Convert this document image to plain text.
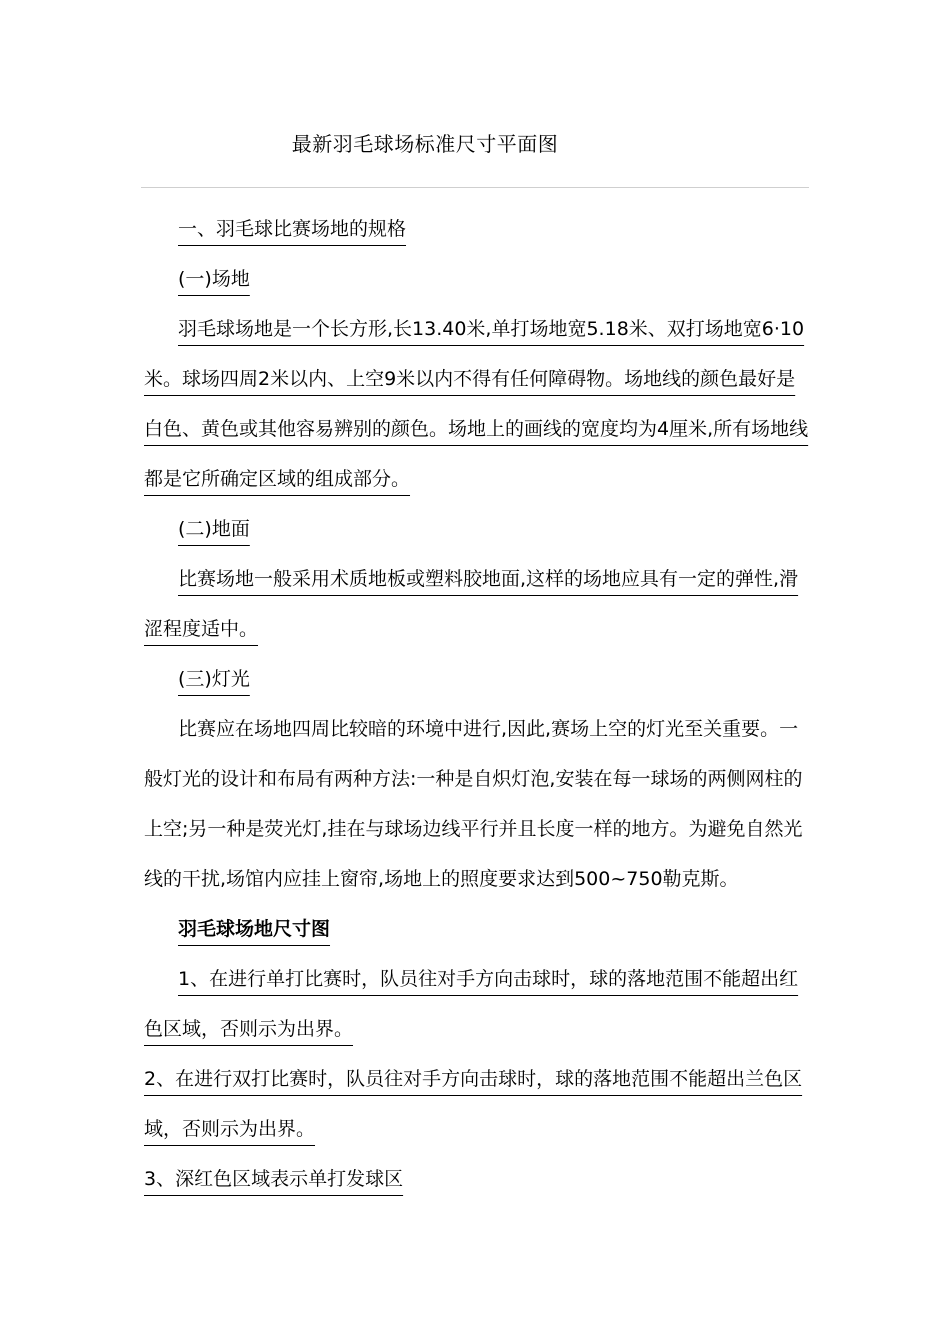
最新羽毛球场标准尺寸平面图
一、羽毛球比赛场地的规格
(一)场地
羽毛球场地是一个长方形,长13.40米,单打场地宽5.18米、双打场地宽6·10
米。球场四周2米以内、上空9米以内不得有任何障碍物。场地线的颜色最好是
白色、黄色或其他容易辨别的颜色。场地上的画线的宽度均为4厘米,所有场地线
都是它所确定区域的组成部分。
(二)地面
比赛场地一般采用术质地板或塑料胶地面,这样的场地应具有一定的弹性,滑
涩程度适中。
(三)灯光
比赛应在场地四周比较暗的环境中进行,因此,赛场上空的灯光至关重要。一
般灯光的设计和布局有两种方法:一种是自炽灯泡,安装在每一球场的两侧网柱的
上空;另一种是荧光灯,挂在与球场边线平行并且长度一样的地方。为避免自然光
线的干扰,场馆内应挂上窗帘,场地上的照度要求达到500~750勒克斯。
羽毛球场地尺寸图
1、在进行单打比赛时，队员往对手方向击球时，球的落地范围不能超出红
色区域，否则示为出界。
2、在进行双打比赛时，队员往对手方向击球时，球的落地范围不能超出兰色区
域，否则示为出界。
3、深红色区域表示单打发球区
